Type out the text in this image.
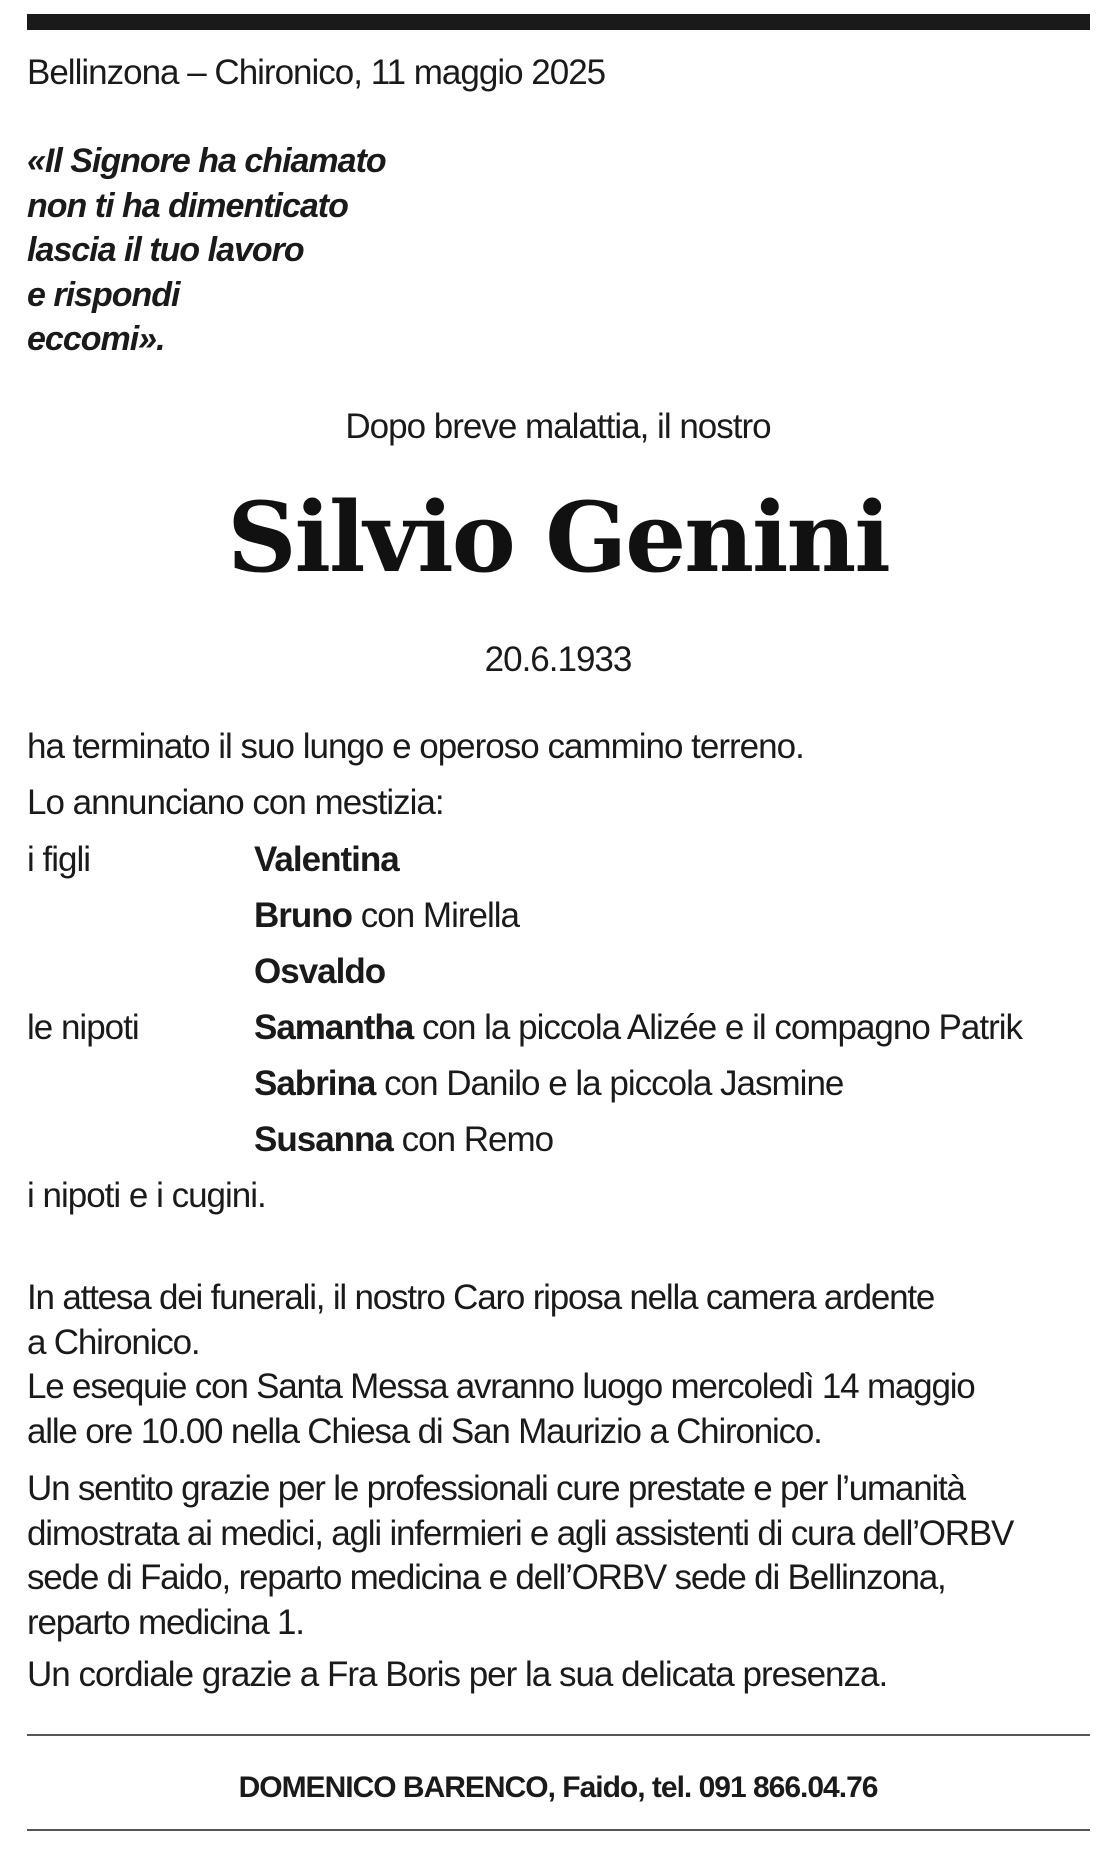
Bellinzona – Chironico, 11 maggio 2025
«Il Signore ha chiamato
non ti ha dimenticato
lascia il tuo lavoro
e rispondi
eccomi».
Dopo breve malattia, il nostro
Silvio Genini
20.6.1933
ha terminato il suo lungo e operoso cammino terreno.
Lo annunciano con mestizia:
i figli	Valentina
Bruno con Mirella
Osvaldo
le nipoti	Samantha con la piccola Alizée e il compagno Patrik
Sabrina con Danilo e la piccola Jasmine
Susanna con Remo
i nipoti e i cugini.
In attesa dei funerali, il nostro Caro riposa nella camera ardente
a Chironico.
Le esequie con Santa Messa avranno luogo mercoledì 14 maggio
alle ore 10.00 nella Chiesa di San Maurizio a Chironico.
Un sentito grazie per le professionali cure prestate e per l’umanità
dimostrata ai medici, agli infermieri e agli assistenti di cura dell’ORBV
sede di Faido, reparto medicina e dell’ORBV sede di Bellinzona,
reparto medicina 1.
Un cordiale grazie a Fra Boris per la sua delicata presenza.
DOMENICO BARENCO, Faido, tel. 091 866.04.76
